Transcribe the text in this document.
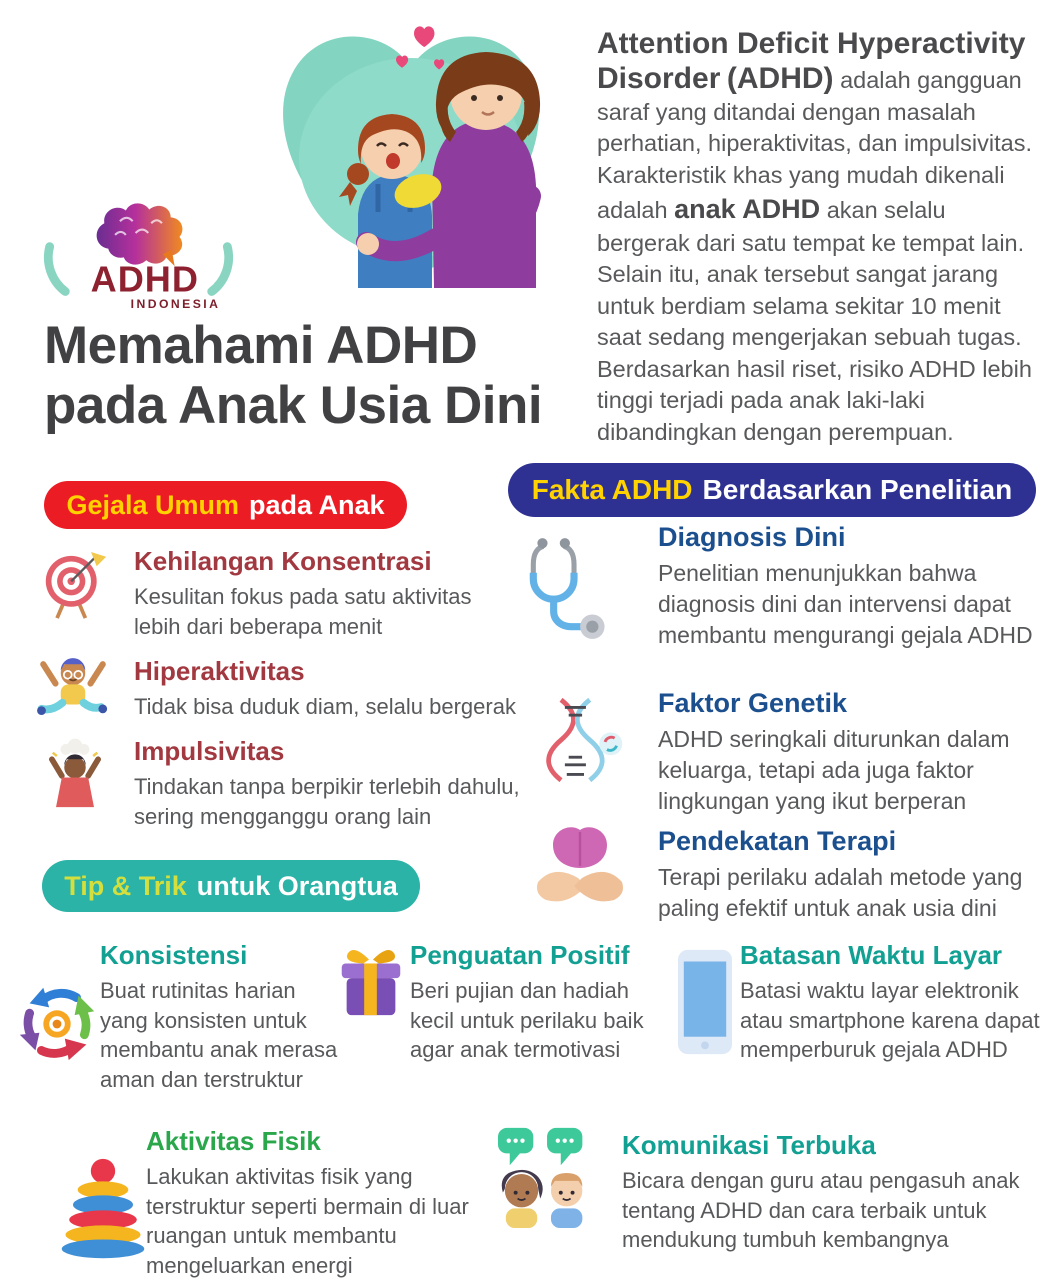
ADHD
INDONESIA
Attention Deficit Hyperactivity Disorder (ADHD) adalah gangguan saraf yang ditandai dengan masalah perhatian, hiperaktivitas, dan impulsivitas. Karakteristik khas yang mudah dikenali adalah anak ADHD akan selalu bergerak dari satu tempat ke tempat lain. Selain itu, anak tersebut sangat jarang untuk berdiam selama sekitar 10 menit saat sedang mengerjakan sebuah tugas. Berdasarkan hasil riset, risiko ADHD lebih tinggi terjadi pada anak laki-laki dibandingkan dengan perempuan.
Memahami ADHD
pada Anak Usia Dini
Gejala Umum pada Anak
Kehilangan Konsentrasi
Kesulitan fokus pada satu aktivitas lebih dari beberapa menit
Hiperaktivitas
Tidak bisa duduk diam, selalu bergerak
Impulsivitas
Tindakan tanpa berpikir terlebih dahulu, sering mengganggu orang lain
Fakta ADHD Berdasarkan Penelitian
Diagnosis Dini
Penelitian menunjukkan bahwa diagnosis dini dan intervensi dapat membantu mengurangi gejala ADHD
Faktor Genetik
ADHD seringkali diturunkan dalam keluarga, tetapi ada juga faktor lingkungan yang ikut berperan
Pendekatan Terapi
Terapi perilaku adalah metode yang paling efektif untuk anak usia dini
Tip & Trik untuk Orangtua
Konsistensi
Buat rutinitas harian yang konsisten untuk membantu anak merasa aman dan terstruktur
Penguatan Positif
Beri pujian dan hadiah kecil untuk perilaku baik agar anak termotivasi
Batasan Waktu Layar
Batasi waktu layar elektronik atau smartphone karena dapat memperburuk gejala ADHD
Aktivitas Fisik
Lakukan aktivitas fisik yang terstruktur seperti bermain di luar ruangan untuk membantu mengeluarkan energi
Komunikasi Terbuka
Bicara dengan guru atau pengasuh anak tentang ADHD dan cara terbaik untuk mendukung tumbuh kembangnya
